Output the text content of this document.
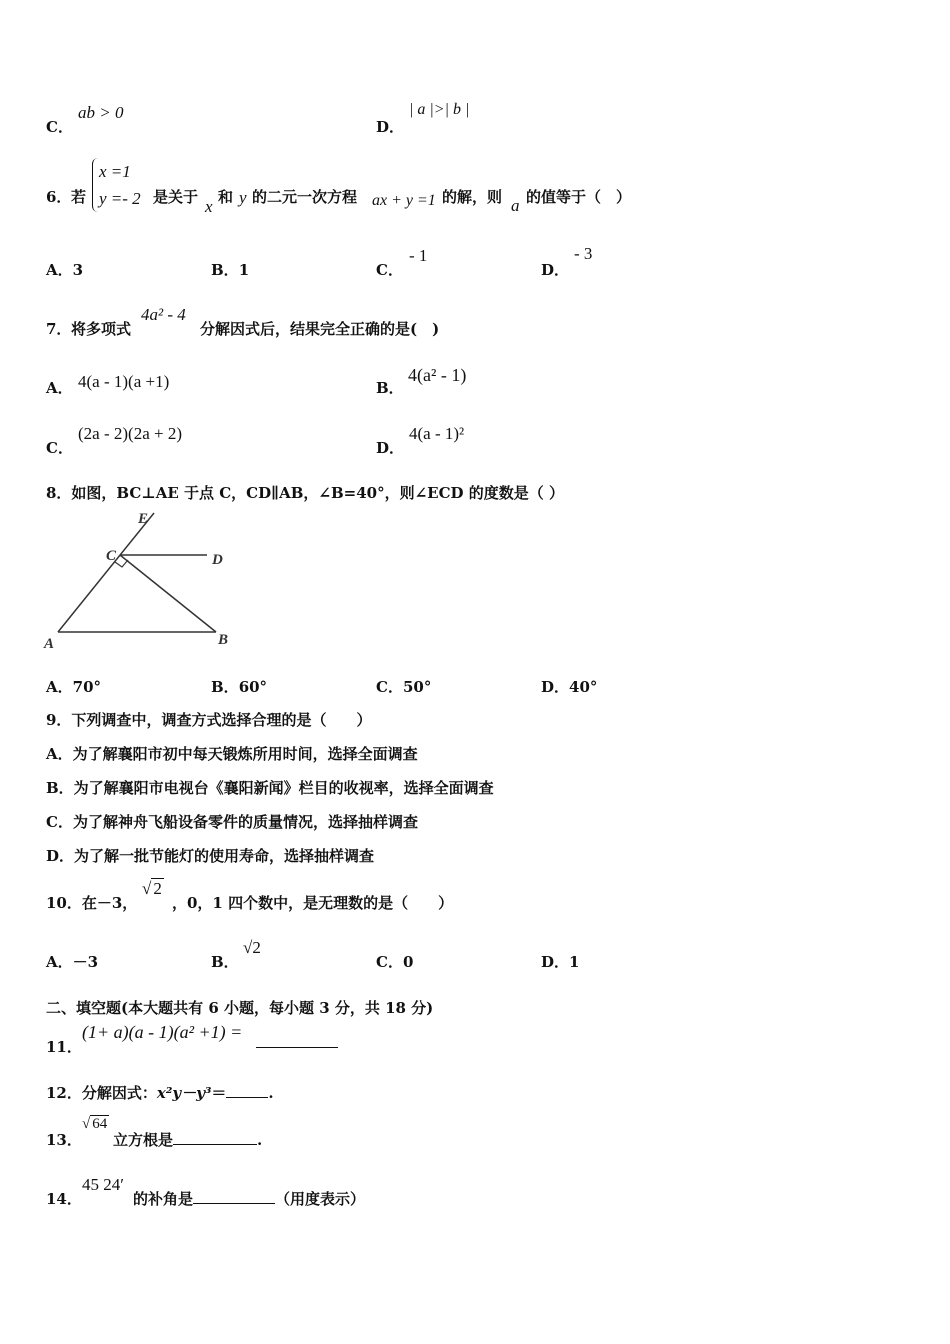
C．
ab > 0
D．
| a |>| b |
6． 若
x =1
y =- 2 是关于 x 和 y 的二元一次方程 ax + y =1 的解，则 a 的值等于（　）
A．3	B．1	C．
- 1
D．
- 3
7． 将多项式
4a² - 4
分解因式后，结果完全正确的是(　)
A． 4(a - 1)(a +1)	B．
4(a² - 1)
C．
(2a - 2)(2a + 2)
D．
4(a - 1)²
8．如图，BC⊥AE 于点 C，CD∥AB，∠B=40°，则∠ECD 的度数是（ ）
E
C	D
A	B
A．70°	B．60°	C．50°	D．40°
9．下列调查中，调查方式选择合理的是（　　）
A．为了解襄阳市初中每天锻炼所用时间，选择全面调查
B．为了解襄阳市电视台《襄阳新闻》栏目的收视率，选择全面调查
C．为了解神舟飞船设备零件的质量情况，选择抽样调查
D．为了解一批节能灯的使用寿命，选择抽样调查
10．在－3，
√ 2
，0，1 四个数中，是无理数的是（　　）
A．－3	B．
√2
C．0	D．1
二、填空题(本大题共有 6 小题，每小题 3 分，共 18 分)
11．
(1+ a)(a - 1)(a² +1) =
12．分解因式：x²y－y³＝	.
13．
√ 64
立方根是	.
14．
45 24′
的补角是	（用度表示）
